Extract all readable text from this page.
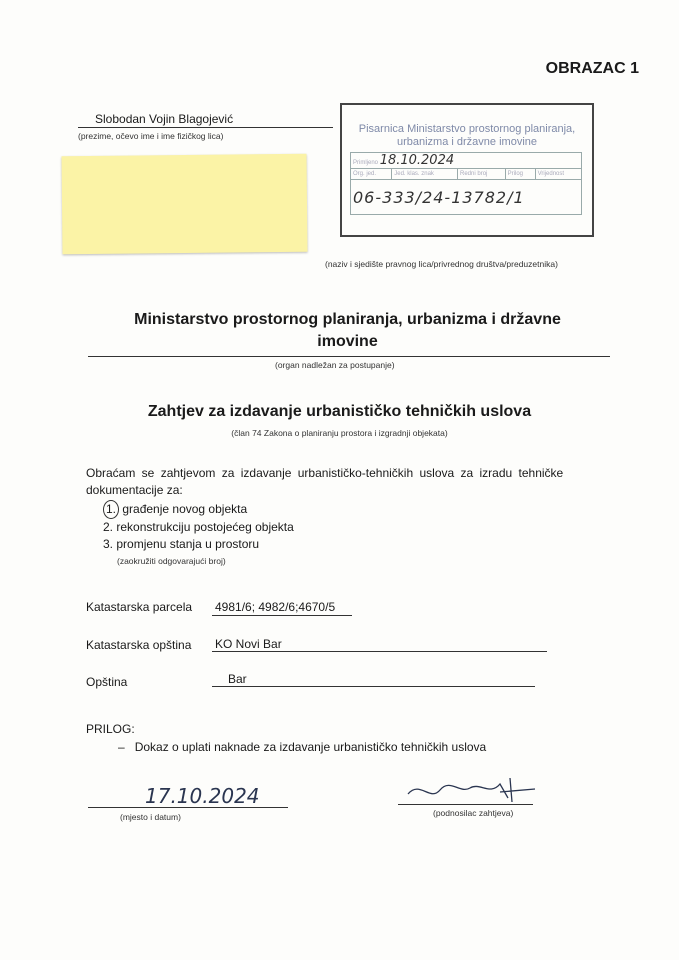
OBRAZAC 1
Slobodan Vojin Blagojević
(prezime, očevo ime i ime fizičkog lica)
Pisarnica Ministarstvo prostornog planiranja,
urbanizma i državne imovine
Primljeno 18.10.2024
Org. jed.	Jed. klas. znak	Redni broj	Prilog	Vrijednost
06-333/24-13782/1
(naziv i sjedište pravnog lica/privrednog društva/preduzetnika)
Ministarstvo prostornog planiranja, urbanizma i državne
imovine
(organ nadležan za postupanje)
Zahtjev za izdavanje urbanističko tehničkih uslova
(član 74 Zakona o planiranju prostora i izgradnji objekata)
Obraćam se zahtjevom za izdavanje urbanističko-tehničkih uslova za izradu tehničke
dokumentacije za:
1. građenje novog objekta
2. rekonstrukciju postojećeg objekta
3. promjenu stanja u prostoru
(zaokružiti odgovarajući broj)
Katastarska parcela 4981/6; 4982/6;4670/5
Katastarska opština KO Novi Bar
Opština	Bar
PRILOG:
–   Dokaz o uplati naknade za izdavanje urbanističko tehničkih uslova
17.10.2024
(mjesto i datum)	(podnosilac zahtjeva)
